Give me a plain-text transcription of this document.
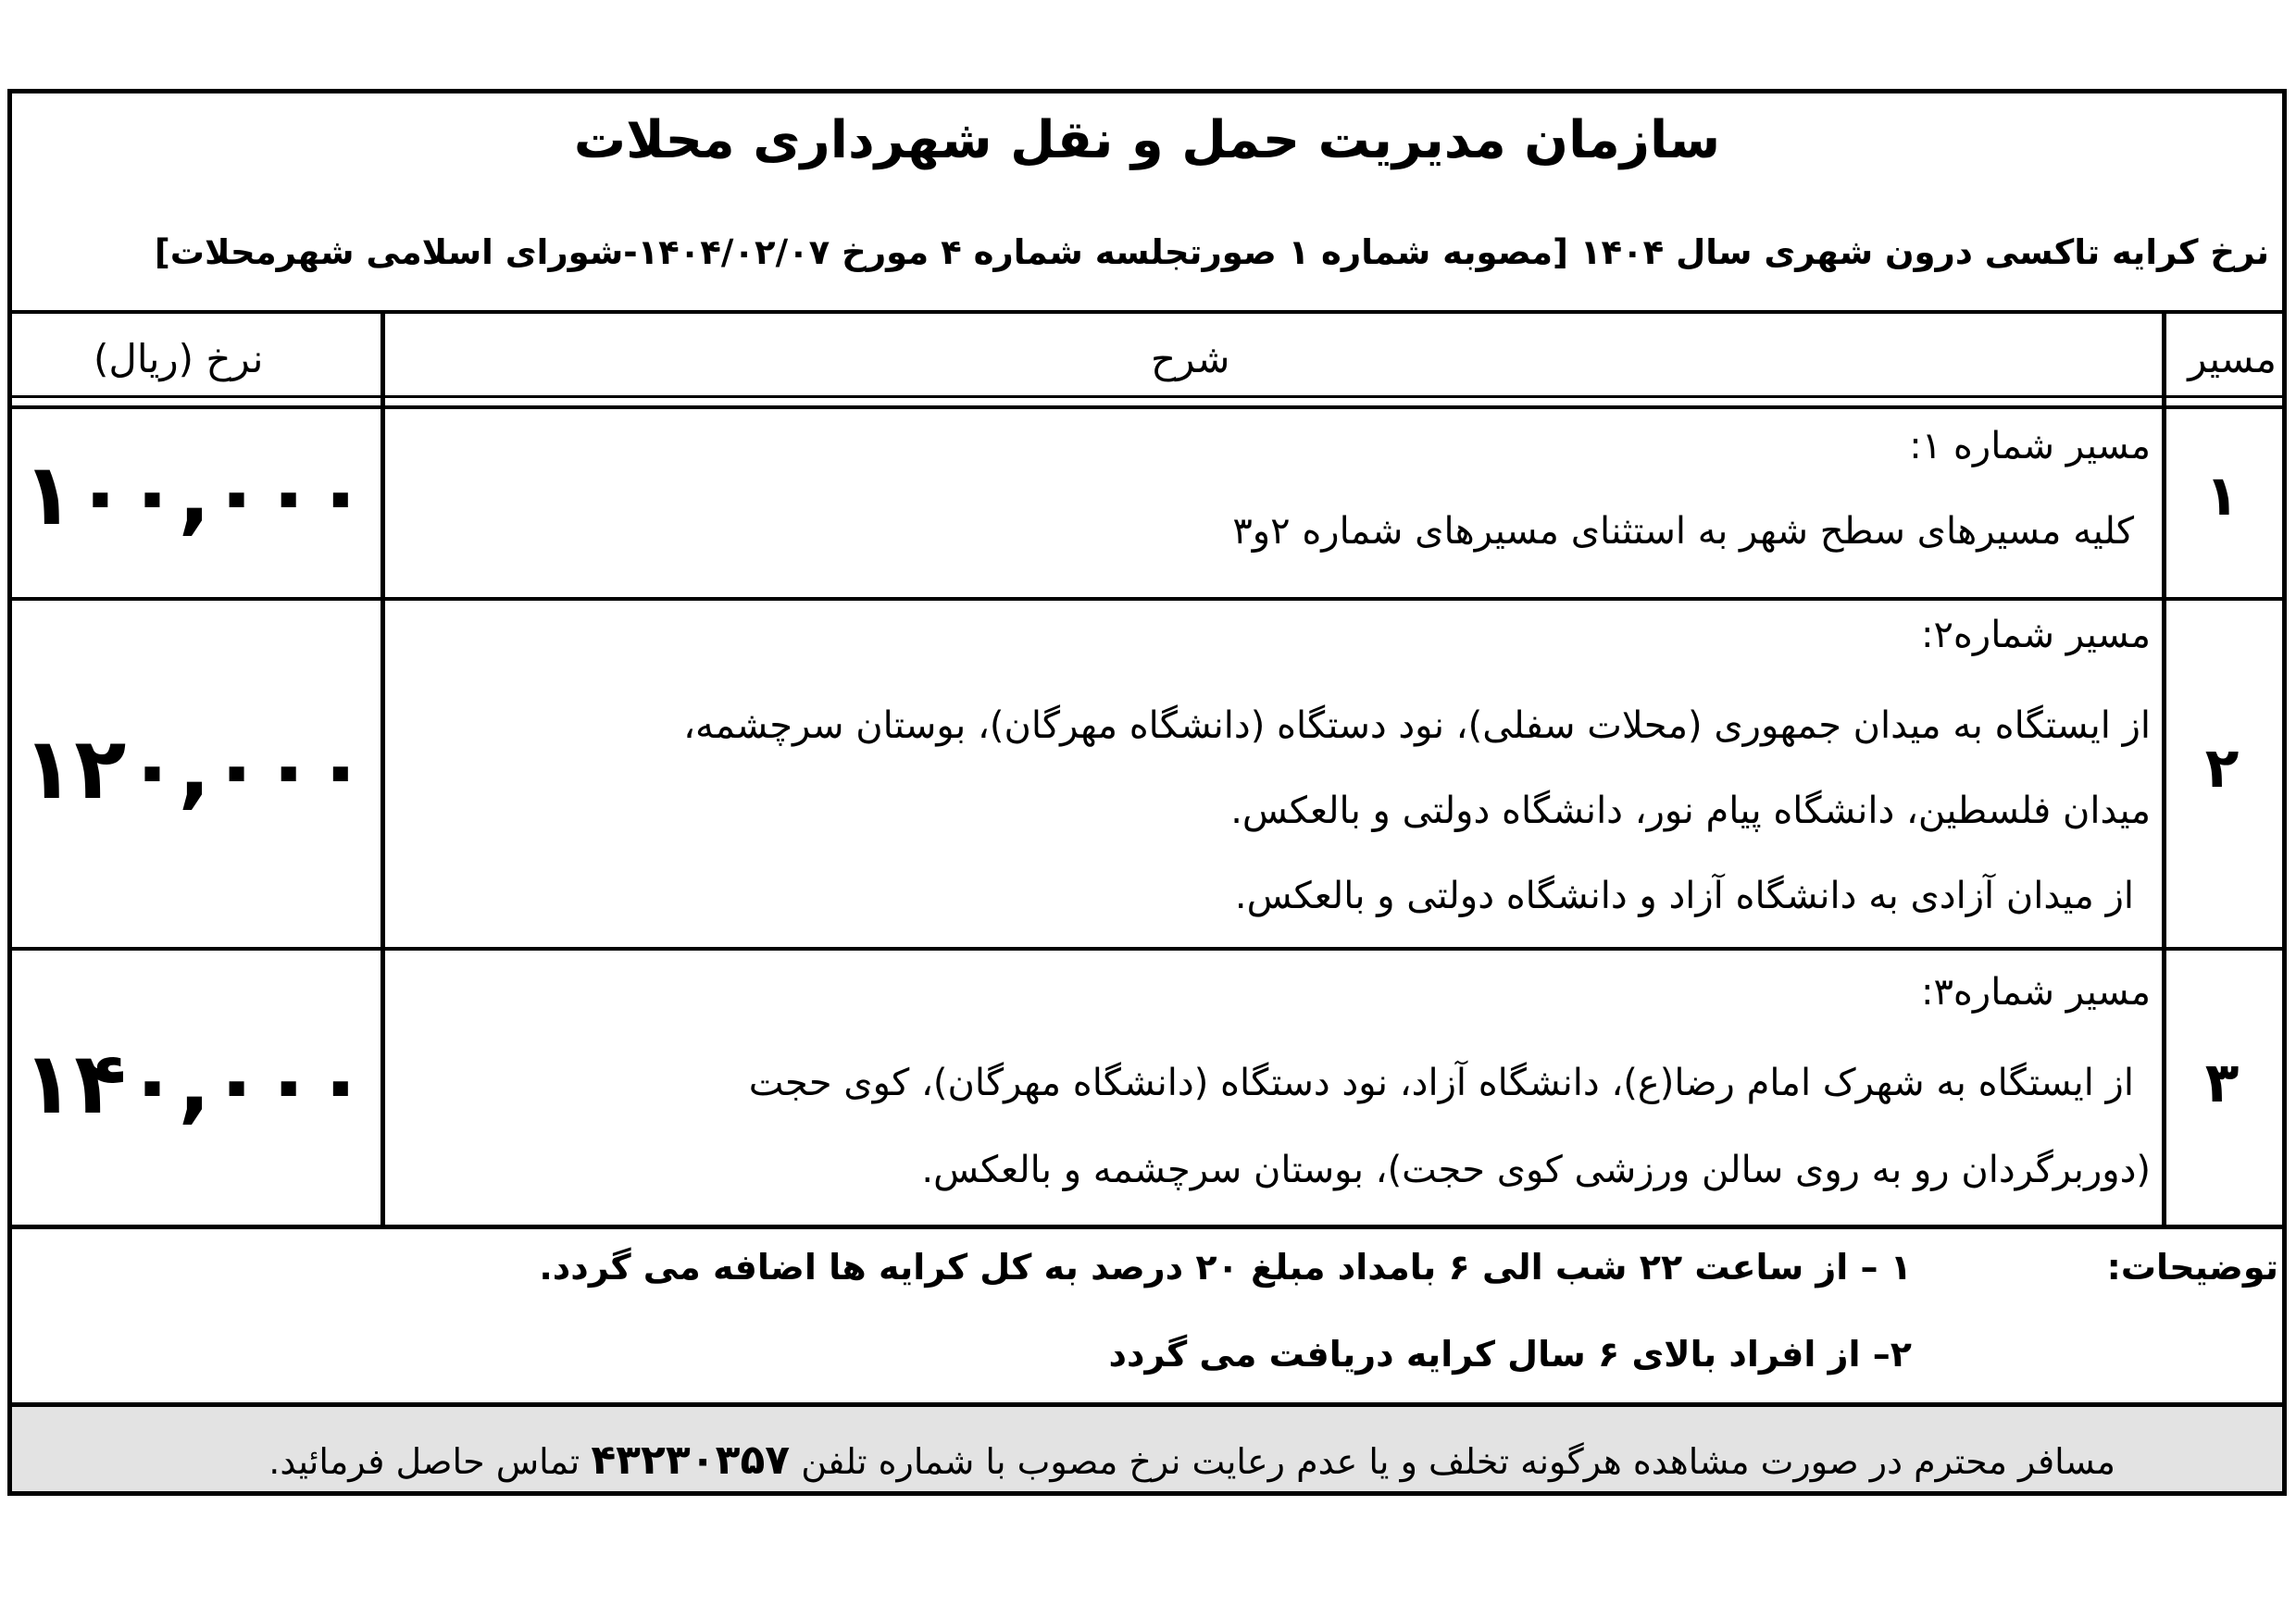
سازمان مدیریت حمل و نقل شهرداری محلات
نرخ کرایه تاکسی درون شهری سال ۱۴۰۴ [مصوبه شماره ۱ صورتجلسه شماره ۴ مورخ ۱۴۰۴/۰۲/۰۷-شورای اسلامی شهرمحلات]
مسیر
شرح
نرخ (ریال)
۱
مسیر شماره ۱:
کلیه مسیرهای سطح شهر به استثنای مسیرهای شماره ۲و۳
۱۰۰,۰۰۰
۲
مسیر شماره۲:
از ایستگاه به میدان جمهوری (محلات سفلی)، نود دستگاه (دانشگاه مهرگان)، بوستان سرچشمه،
میدان فلسطین، دانشگاه پیام نور، دانشگاه دولتی و بالعکس.
از میدان آزادی به دانشگاه آزاد و دانشگاه دولتی و بالعکس.
۱۲۰,۰۰۰
۳
مسیر شماره۳:
از ایستگاه به شهرک امام رضا(ع)، دانشگاه آزاد، نود دستگاه (دانشگاه مهرگان)، کوی حجت
(دوربرگردان رو به روی سالن ورزشی کوی حجت)، بوستان سرچشمه و بالعکس.
۱۴۰,۰۰۰
توضیحات:
۱ – از ساعت ۲۲ شب الی ۶ بامداد مبلغ ۲۰ درصد به کل کرایه ها اضافه می گردد.
۲– از افراد بالای ۶ سال کرایه دریافت می گردد
مسافر محترم در صورت مشاهده هرگونه تخلف و یا عدم رعایت نرخ مصوب با شماره تلفن ۴۳۲۳۰۳۵۷ تماس حاصل فرمائید.
